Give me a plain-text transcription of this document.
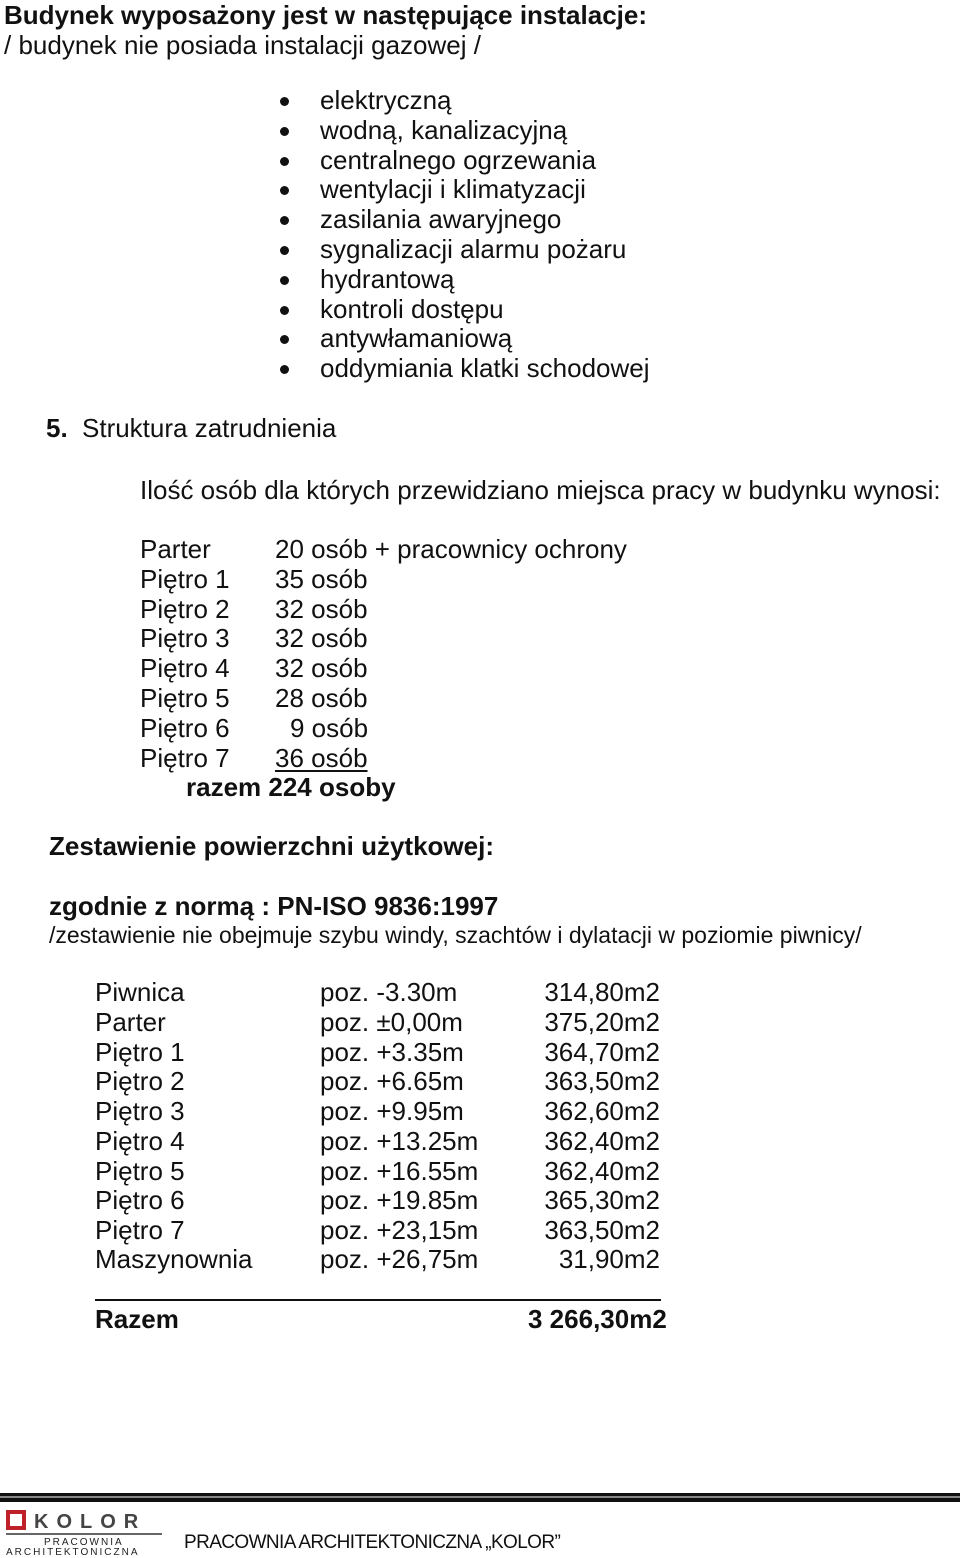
Budynek wyposażony jest w następujące instalacje:
/ budynek nie posiada instalacji gazowej /
elektryczną
wodną, kanalizacyjną
centralnego ogrzewania
wentylacji i klimatyzacji
zasilania awaryjnego
sygnalizacji alarmu pożaru
hydrantową
kontroli dostępu
antywłamaniową
oddymiania klatki schodowej
5. Struktura zatrudnienia
Ilość osób dla których przewidziano miejsca pracy w budynku wynosi:
Parter 20 osób + pracownicy ochrony
Piętro 1 35 osób
Piętro 2 32 osób
Piętro 3 32 osób
Piętro 4 32 osób
Piętro 5 28 osób
Piętro 6 9 osób
Piętro 7 36 osób
razem 224 osoby
Zestawienie powierzchni użytkowej:
zgodnie z normą : PN-ISO 9836:1997
/zestawienie nie obejmuje szybu windy, szachtów i dylatacji w poziomie piwnicy/
Piwnica	poz. -3.30m	314,80m2
Parter	poz. ±0,00m	375,20m2
Piętro 1	poz. +3.35m	364,70m2
Piętro 2	poz. +6.65m	363,50m2
Piętro 3	poz. +9.95m	362,60m2
Piętro 4	poz. +13.25m	362,40m2
Piętro 5	poz. +16.55m	362,40m2
Piętro 6	poz. +19.85m	365,30m2
Piętro 7	poz. +23,15m	363,50m2
Maszynownia	poz. +26,75m	31,90m2
Razem	3 266,30m2
KOLOR
PRACOWNIA
ARCHITEKTONICZNA PRACOWNIA ARCHITEKTONICZNA „KOLOR”
